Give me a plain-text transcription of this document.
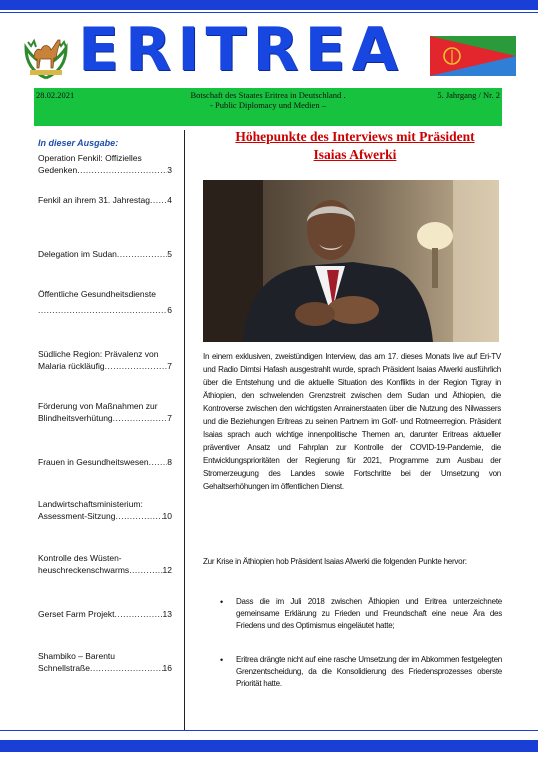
ERITREA
28.02.2021	Botschaft des Staates Eritrea in Deutschland .
- Public Diplomacy und Medien –
5. Jahrgang / Nr. 2
In dieser Ausgabe:
Operation Fenkil: Offizielles
Gedenken .....	3
Fenkil an ihrem 31. Jahrestag ..... 4
Delegation im Sudan .....	5
Öffentliche Gesundheitsdienste
.....
6
Südliche Region: Prävalenz von
Malaria rückläufig .....	7
Förderung von Maßnahmen zur
Blindheitsverhütung .....	7
Frauen in Gesundheitswesen ..... 8
Landwirtschaftsministerium:
Assessment-Sitzung .....	10
Kontrolle des Wüsten-
heuschreckenschwarms .....	12
Gerset Farm Projekt .....	13
Shambiko – Barentu
Schnellstraße .....	16
Höhepunkte des Interviews mit Präsident
Isaias Afwerki
In einem exklusiven, zweistündigen Interview, das am 17. dieses Monats live auf Eri-TV und Radio Dimtsi Hafash ausgestrahlt wurde, sprach Präsident Isaias Afwerki ausführlich über die Entstehung und die aktuelle Situation des Konflikts in der Region Tigray in Äthiopien, den schwelenden Grenzstreit zwischen dem Sudan und Äthiopien, die Kontroverse zwischen den wichtigsten Anrainerstaaten über die Nutzung des Nilwassers und die Beziehungen Eritreas zu seinen Partnern im Golf- und Rotmeerregion. Präsident Isaias sprach auch wichtige innenpolitische Themen an, darunter Eritreas aktueller präventiver Ansatz und Fahrplan zur Kontrolle der COVID-19-Pandemie, die Entwicklungsprioritäten der Regierung für 2021, Programme zum Ausbau der Stromerzeugung des Landes sowie Fortschritte bei der Umsetzung von Gehaltserhöhungen im öffentlichen Dienst.
Zur Krise in Äthiopien hob Präsident Isaias Afwerki die folgenden Punkte hervor:
• Dass die im Juli 2018 zwischen Äthiopien und Eritrea unterzeichnete gemeinsame Erklärung zu Frieden und Freundschaft eine neue Ära des Friedens und des Optimismus eingeläutet hatte;
• Eritrea drängte nicht auf eine rasche Umsetzung der im Abkommen festgelegten Grenzentscheidung, da die Konsolidierung des Friedensprozesses oberste Priorität hatte.
